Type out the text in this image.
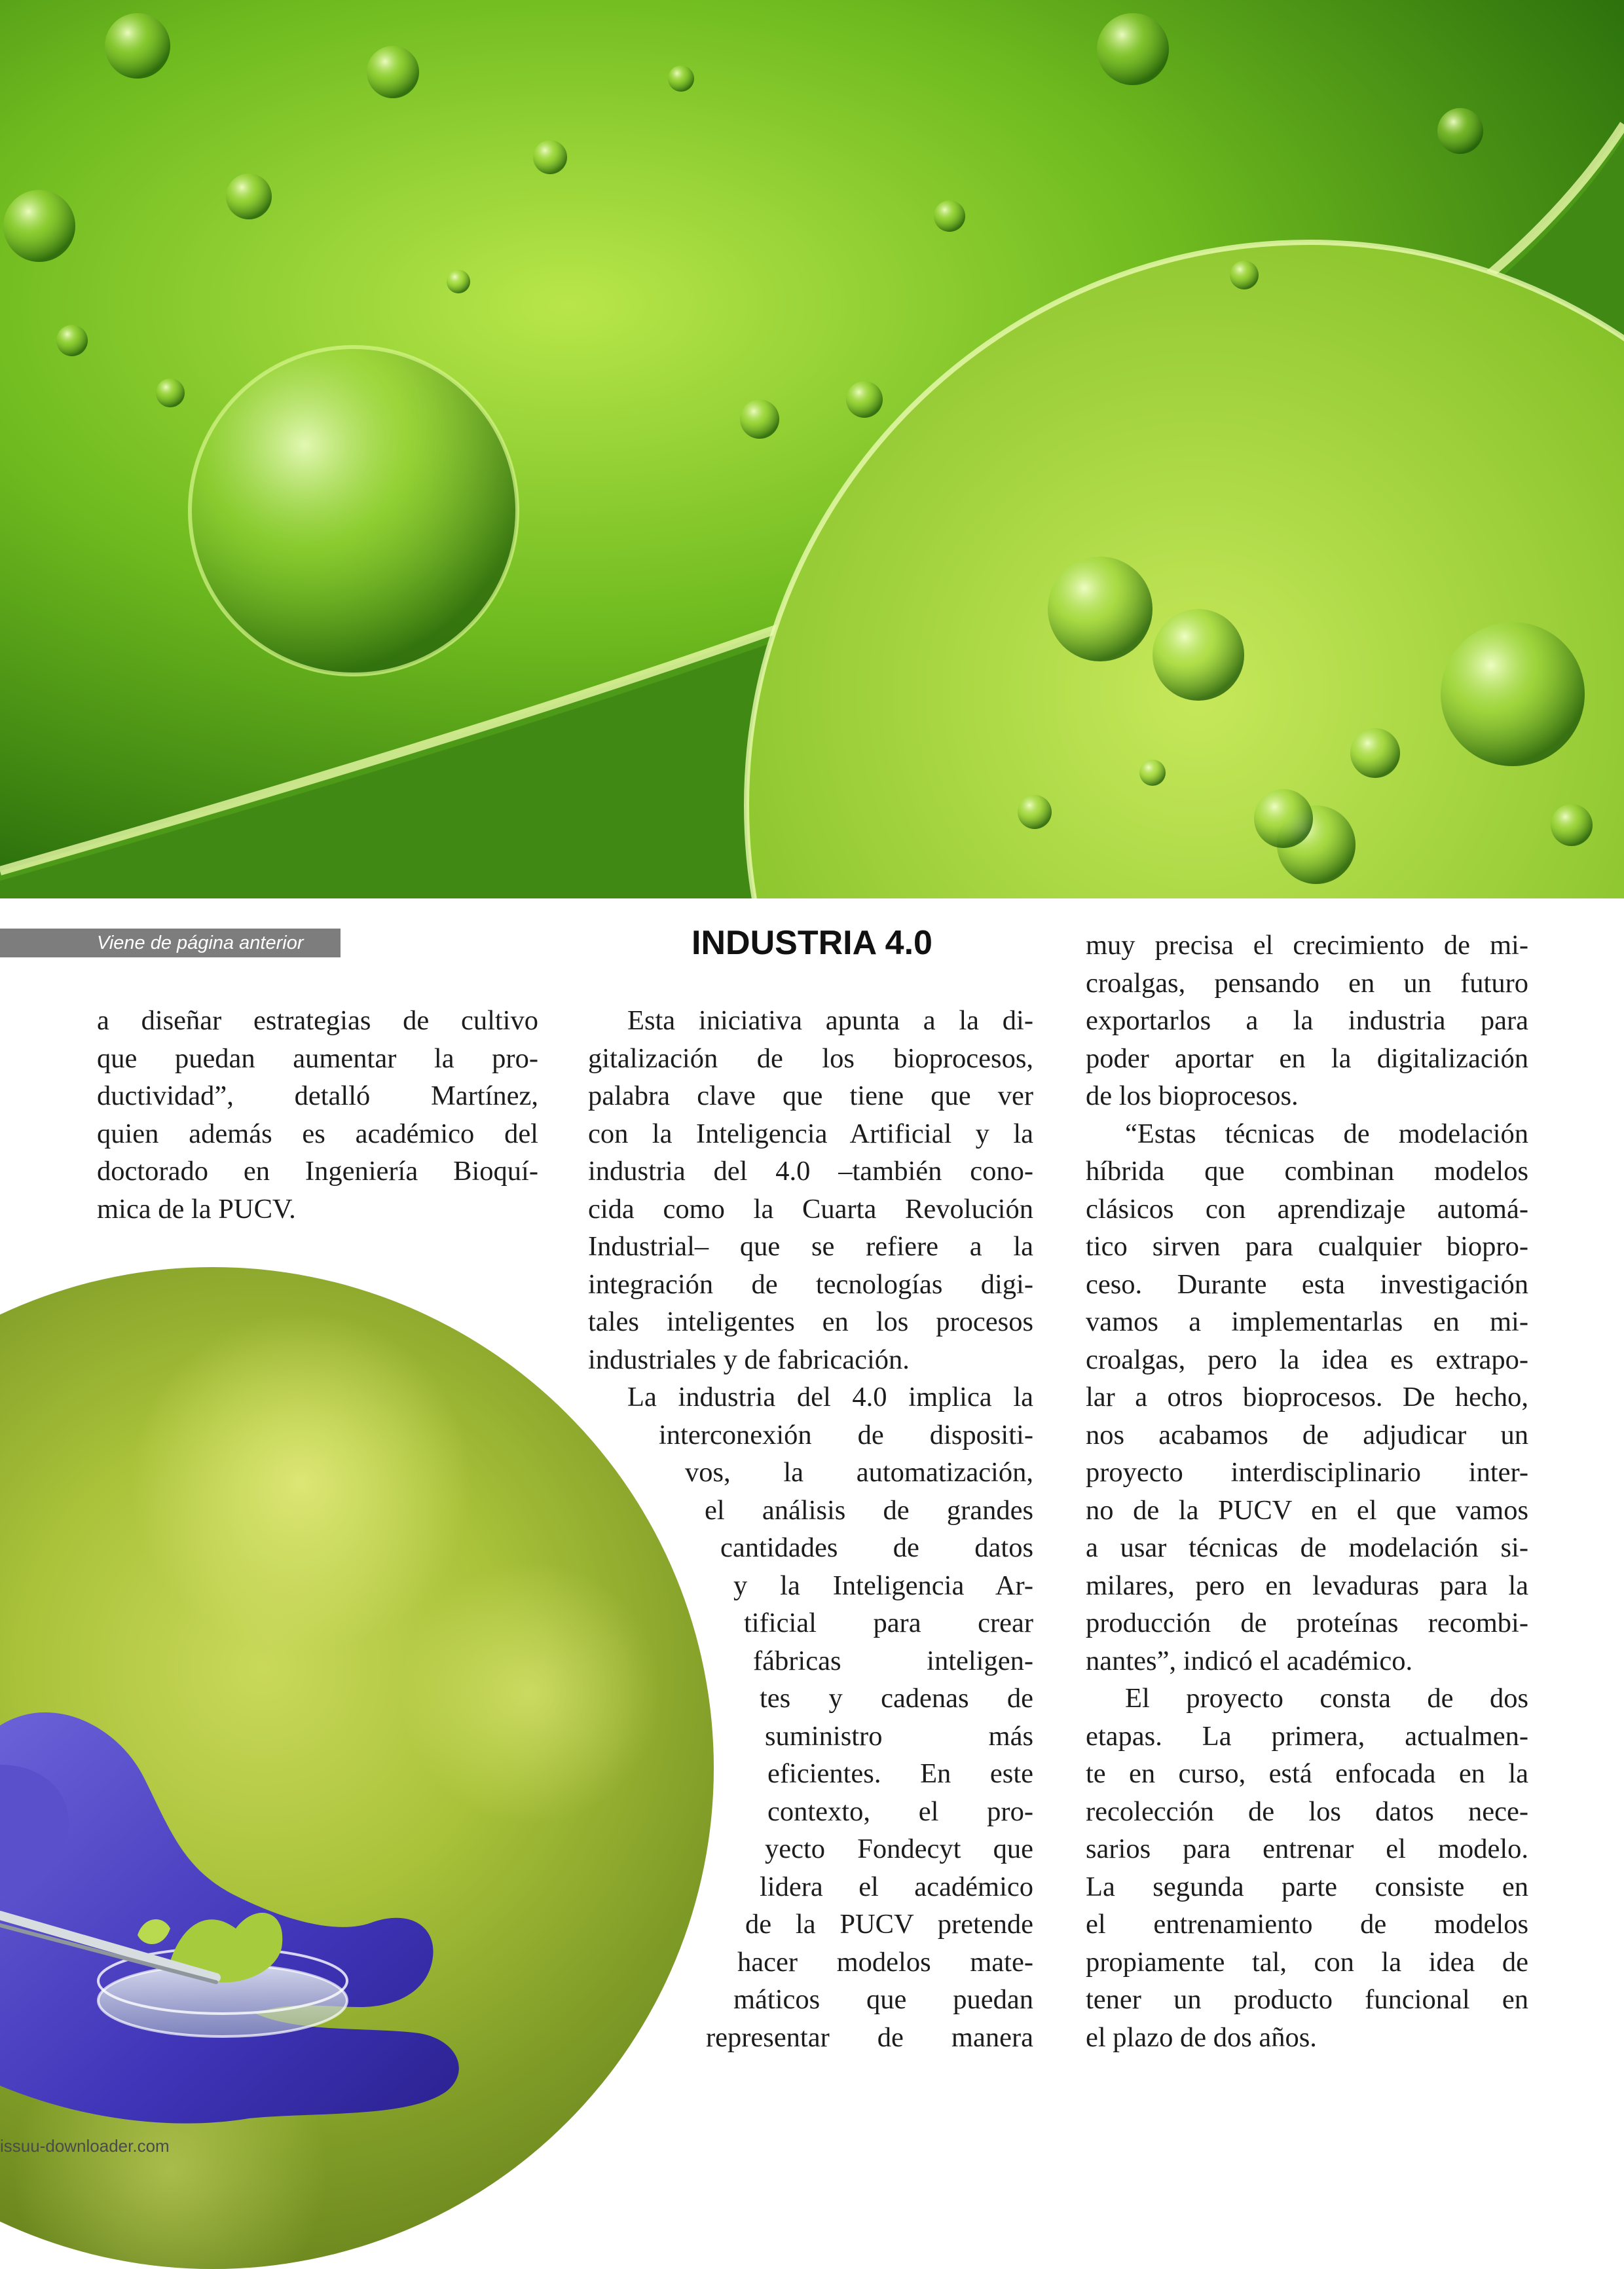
Viene de página anterior	INDUSTRIA 4.0
a diseñar estrategias de cultivo
que puedan aumentar la pro-
ductividad”, detalló Martínez,
quien además es académico del
doctorado en Ingeniería Bioquí-
mica de la PUCV.
Esta iniciativa apunta a la di-
gitalización de los bioprocesos,
palabra clave que tiene que ver
con la Inteligencia Artificial y la
industria del 4.0 –también cono-
cida como la Cuarta Revolución
Industrial– que se refiere a la
integración de tecnologías digi-
tales inteligentes en los procesos
industriales y de fabricación.
La industria del 4.0 implica la
interconexión de dispositi-
vos, la automatización,
el análisis de grandes
cantidades de datos
y la Inteligencia Ar-
tificial para crear
fábricas inteligen-
tes y cadenas de
suministro más
eficientes. En este
contexto, el pro-
yecto Fondecyt que
lidera el académico
de la PUCV pretende
hacer modelos mate-
máticos que puedan
representar de manera
muy precisa el crecimiento de mi-
croalgas, pensando en un futuro
exportarlos a la industria para
poder aportar en la digitalización
de los bioprocesos.
“Estas técnicas de modelación
híbrida que combinan modelos
clásicos con aprendizaje automá-
tico sirven para cualquier biopro-
ceso. Durante esta investigación
vamos a implementarlas en mi-
croalgas, pero la idea es extrapo-
lar a otros bioprocesos. De hecho,
nos acabamos de adjudicar un
proyecto interdisciplinario inter-
no de la PUCV en el que vamos
a usar técnicas de modelación si-
milares, pero en levaduras para la
producción de proteínas recombi-
nantes”, indicó el académico.
El proyecto consta de dos
etapas. La primera, actualmen-
te en curso, está enfocada en la
recolección de los datos nece-
sarios para entrenar el modelo.
La segunda parte consiste en
el entrenamiento de modelos
propiamente tal, con la idea de
tener un producto funcional en
el plazo de dos años.
issuu-downloader.com
